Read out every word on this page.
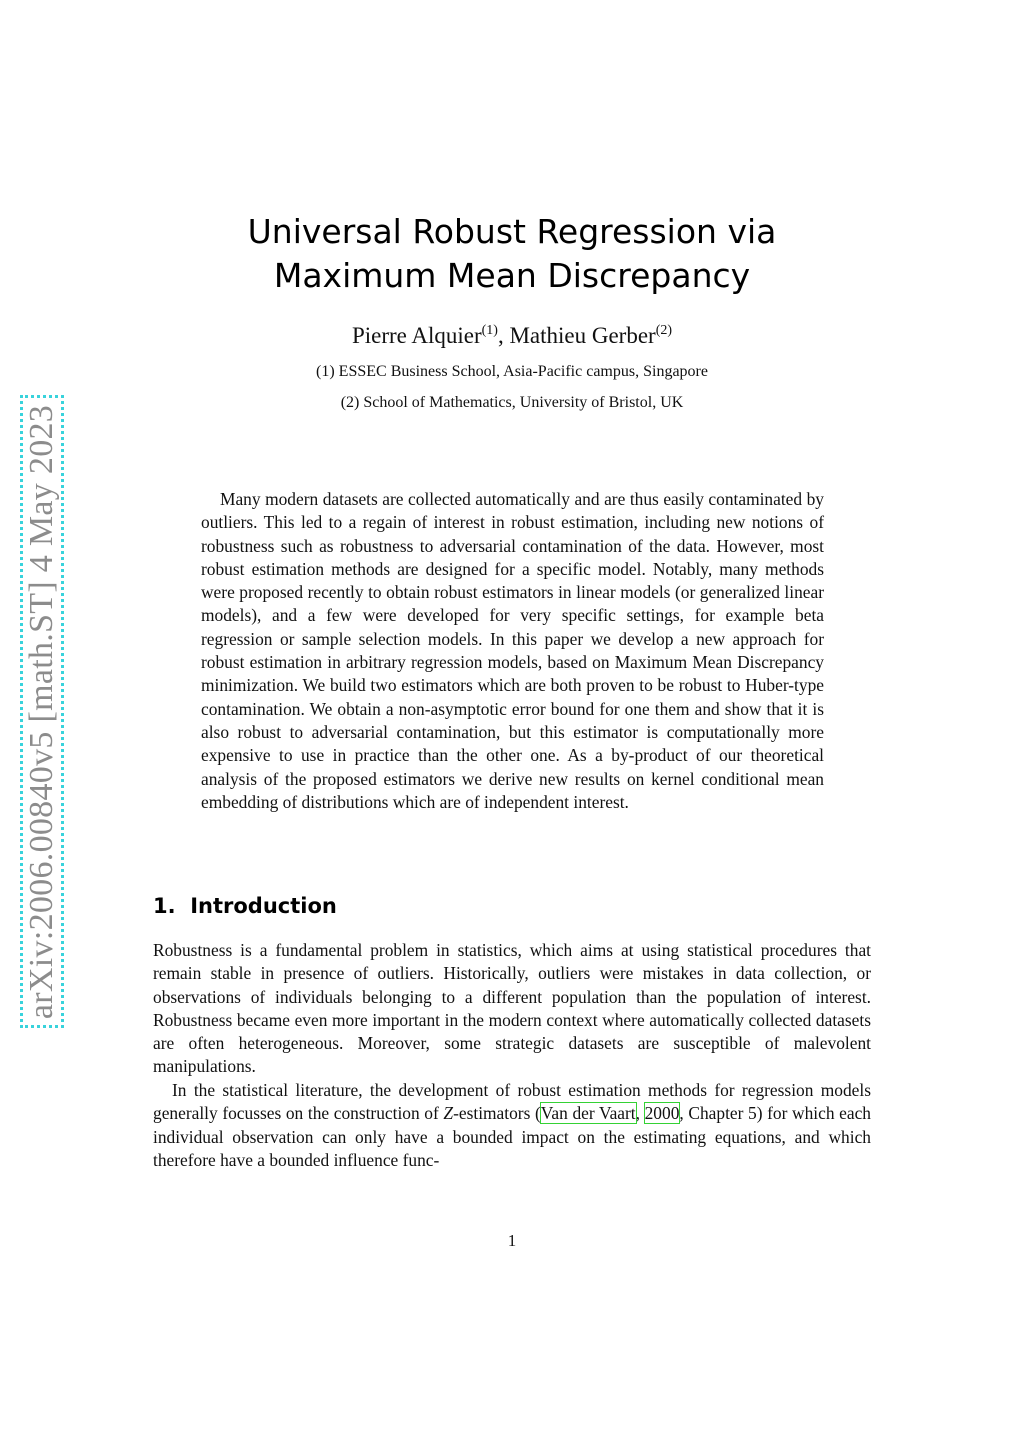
arXiv:2006.00840v5 [math.ST] 4 May 2023
Universal Robust Regression via
Maximum Mean Discrepancy

Pierre Alquier$^{(1)}$, Mathieu Gerber$^{(2)}$

(1) ESSEC Business School, Asia-Pacific campus, Singapore

(2) School of Mathematics, University of Bristol, UK

Many modern datasets are collected automatically and are thus easily contaminated by outliers. This led to a regain of interest in robust estimation, including new notions of robustness such as robustness to adversarial contamination of the data. However, most robust estimation methods are designed for a specific model. Notably, many methods were proposed recently to obtain robust estimators in linear models (or generalized linear models), and a few were developed for very specific settings, for example beta regression or sample selection models. In this paper we develop a new approach for robust estimation in arbitrary regression models, based on Maximum Mean Discrepancy minimization. We build two estimators which are both proven to be robust to Huber-type contamination. We obtain a non-asymptotic error bound for one them and show that it is also robust to adversarial contamination, but this estimator is computationally more expensive to use in practice than the other one. As a by-product of our theoretical analysis of the proposed estimators we derive new results on kernel conditional mean embedding of distributions which are of independent interest.

1. Introduction

Robustness is a fundamental problem in statistics, which aims at using statistical procedures that remain stable in presence of outliers. Historically, outliers were mistakes in data collection, or observations of individuals belonging to a different population than the population of interest. Robustness became even more important in the modern context where automatically collected datasets are often heterogeneous. Moreover, some strategic datasets are susceptible of malevolent manipulations.

In the statistical literature, the development of robust estimation methods for regression models generally focusses on the construction of Z-estimators (Van der Vaart, 2000, Chapter 5) for which each individual observation can only have a bounded impact on the estimating equations, and which therefore have a bounded influence func-

1
